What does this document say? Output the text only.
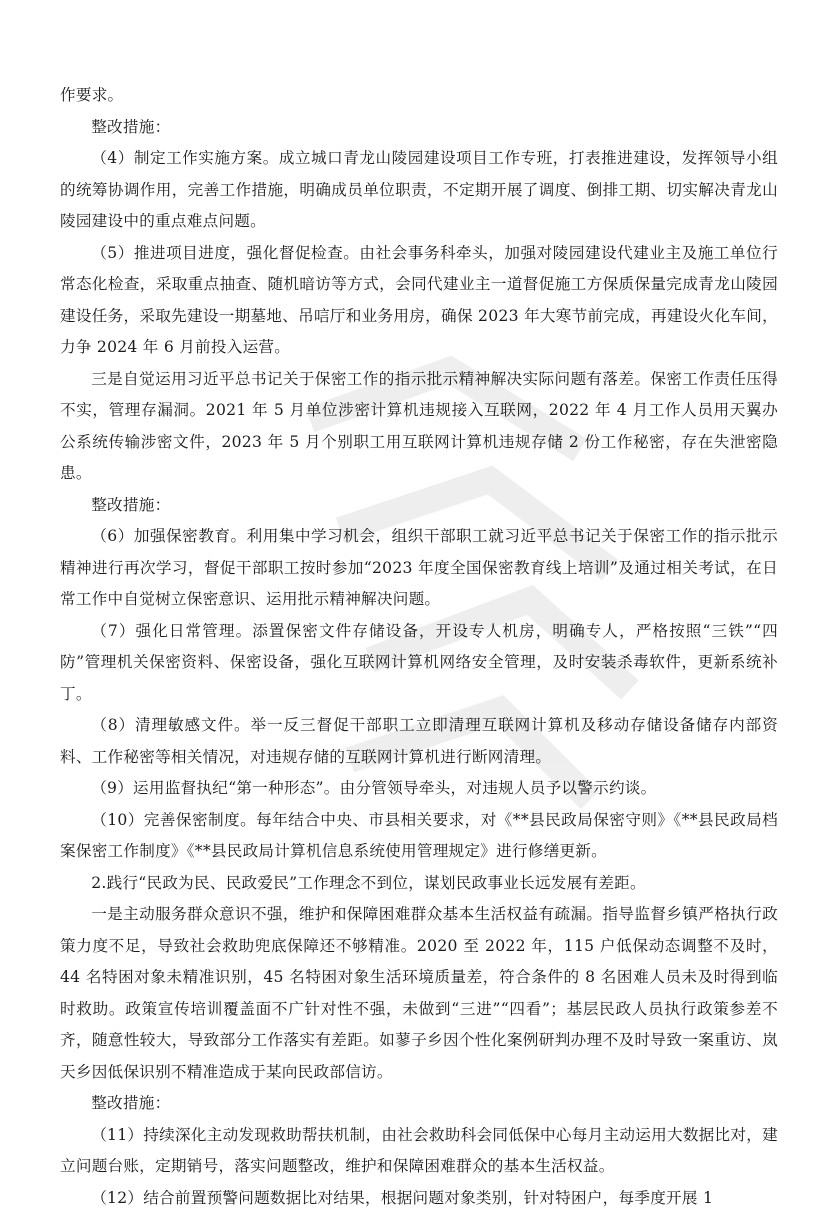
作要求。

整改措施：

（4）制定工作实施方案。成立城口青龙山陵园建设项目工作专班，打表推进建设，发挥领导小组的统筹协调作用，完善工作措施，明确成员单位职责，不定期开展了调度、倒排工期、切实解决青龙山陵园建设中的重点难点问题。

（5）推进项目进度，强化督促检查。由社会事务科牵头，加强对陵园建设代建业主及施工单位行常态化检查，采取重点抽查、随机暗访等方式，会同代建业主一道督促施工方保质保量完成青龙山陵园建设任务，采取先建设一期墓地、吊唁厅和业务用房，确保 2023 年大寒节前完成，再建设火化车间，力争 2024 年 6 月前投入运营。

三是自觉运用习近平总书记关于保密工作的指示批示精神解决实际问题有落差。保密工作责任压得不实，管理存漏洞。2021 年 5 月单位涉密计算机违规接入互联网，2022 年 4 月工作人员用天翼办公系统传输涉密文件，2023 年 5 月个别职工用互联网计算机违规存储 2 份工作秘密，存在失泄密隐患。

整改措施：

（6）加强保密教育。利用集中学习机会，组织干部职工就习近平总书记关于保密工作的指示批示精神进行再次学习，督促干部职工按时参加“2023 年度全国保密教育线上培训”及通过相关考试，在日常工作中自觉树立保密意识、运用批示精神解决问题。

（7）强化日常管理。添置保密文件存储设备，开设专人机房，明确专人，严格按照“三铁”“四防”管理机关保密资料、保密设备，强化互联网计算机网络安全管理，及时安装杀毒软件，更新系统补丁。

（8）清理敏感文件。举一反三督促干部职工立即清理互联网计算机及移动存储设备储存内部资料、工作秘密等相关情况，对违规存储的互联网计算机进行断网清理。

（9）运用监督执纪“第一种形态”。由分管领导牵头，对违规人员予以警示约谈。

（10）完善保密制度。每年结合中央、市县相关要求，对《**县民政局保密守则》《**县民政局档案保密工作制度》《**县民政局计算机信息系统使用管理规定》进行修缮更新。

2.践行“民政为民、民政爱民”工作理念不到位，谋划民政事业长远发展有差距。

一是主动服务群众意识不强，维护和保障困难群众基本生活权益有疏漏。指导监督乡镇严格执行政策力度不足，导致社会救助兜底保障还不够精准。2020 至 2022 年，115 户低保动态调整不及时，44 名特困对象未精准识别，45 名特困对象生活环境质量差，符合条件的 8 名困难人员未及时得到临时救助。政策宣传培训覆盖面不广针对性不强，未做到“三进”“四看”；基层民政人员执行政策参差不齐，随意性较大，导致部分工作落实有差距。如蓼子乡因个性化案例研判办理不及时导致一案重访、岚天乡因低保识别不精准造成于某向民政部信访。

整改措施：

（11）持续深化主动发现救助帮扶机制，由社会救助科会同低保中心每月主动运用大数据比对，建立问题台账，定期销号，落实问题整改，维护和保障困难群众的基本生活权益。

（12）结合前置预警问题数据比对结果，根据问题对象类别，针对特困户，每季度开展 1
